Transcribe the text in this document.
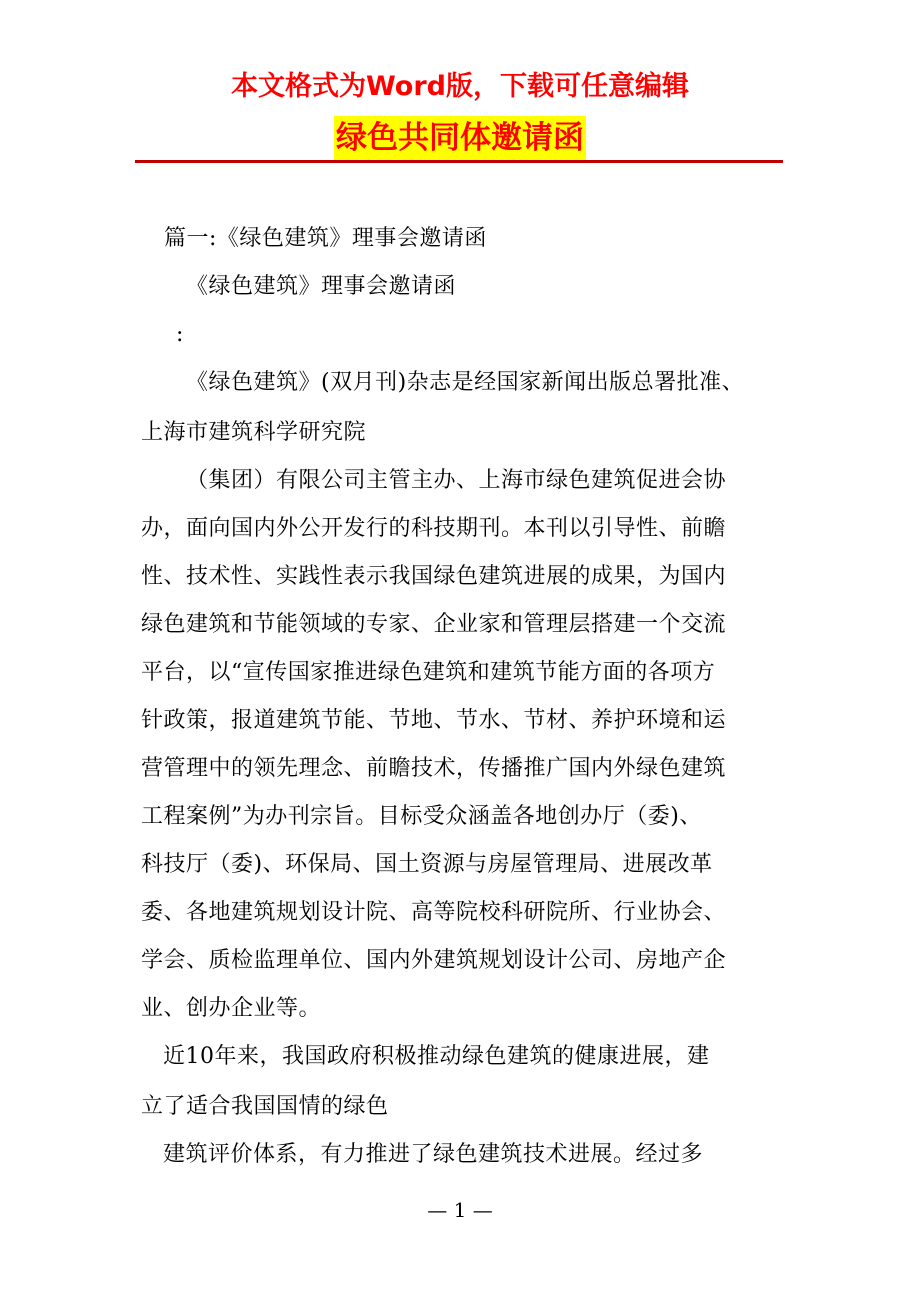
本文格式为Word版，下载可任意编辑
绿色共同体邀请函
篇一:《绿色建筑》理事会邀请函
《绿色建筑》理事会邀请函
:
《绿色建筑》(双月刊)杂志是经国家新闻出版总署批准、
上海市建筑科学研究院
（集团）有限公司主管主办、上海市绿色建筑促进会协
办，面向国内外公开发行的科技期刊。本刊以引导性、前瞻
性、技术性、实践性表示我国绿色建筑进展的成果，为国内
绿色建筑和节能领域的专家、企业家和管理层搭建一个交流
平台，以“宣传国家推进绿色建筑和建筑节能方面的各项方
针政策，报道建筑节能、节地、节水、节材、养护环境和运
营管理中的领先理念、前瞻技术，传播推广国内外绿色建筑
工程案例”为办刊宗旨。目标受众涵盖各地创办厅（委)、
科技厅（委)、环保局、国土资源与房屋管理局、进展改革
委、各地建筑规划设计院、高等院校科研院所、行业协会、
学会、质检监理单位、国内外建筑规划设计公司、房地产企
业、创办企业等。
近10年来，我国政府积极推动绿色建筑的健康进展，建
立了适合我国国情的绿色
建筑评价体系，有力推进了绿色建筑技术进展。经过多
— 1 —
